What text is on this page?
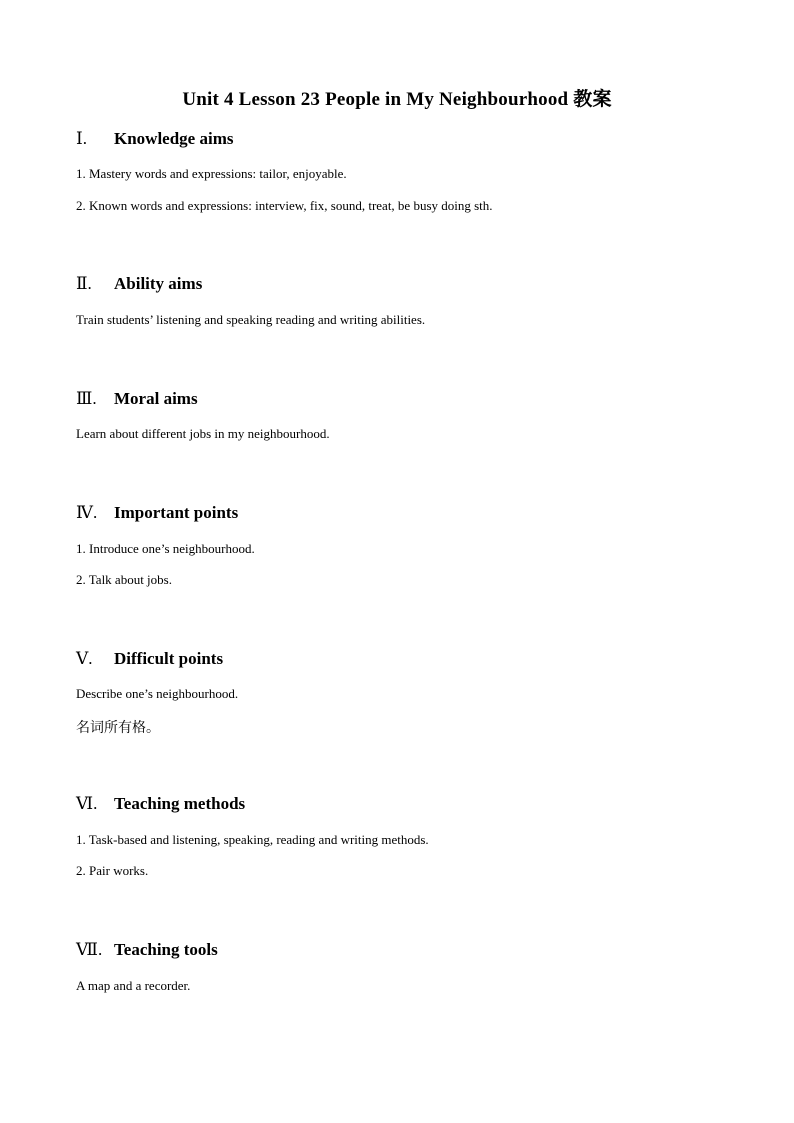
Unit 4 Lesson 23 People in My Neighbourhood 教案
Ⅰ. Knowledge aims
1. Mastery words and expressions: tailor, enjoyable.
2. Known words and expressions: interview, fix, sound, treat, be busy doing sth.
Ⅱ. Ability aims
Train students’ listening and speaking reading and writing abilities.
Ⅲ. Moral aims
Learn about different jobs in my neighbourhood.
Ⅳ. Important points
1. Introduce one’s neighbourhood.
2. Talk about jobs.
Ⅴ. Difficult points
Describe one’s neighbourhood.
名词所有格。
Ⅵ. Teaching methods
1. Task-based and listening, speaking, reading and writing methods.
2. Pair works.
Ⅶ. Teaching tools
A map and a recorder.
